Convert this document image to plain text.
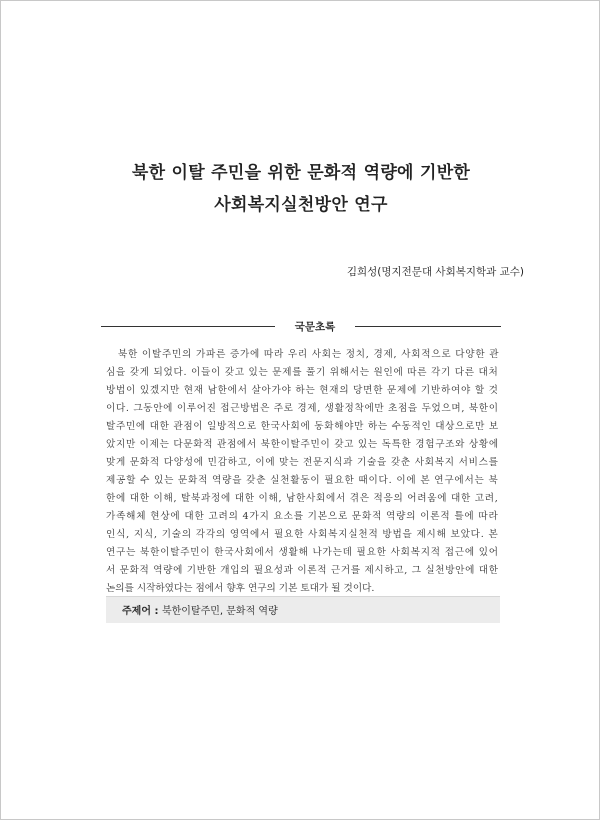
북한 이탈 주민을 위한 문화적 역량에 기반한
사회복지실천방안 연구
김희성(명지전문대 사회복지학과 교수)
국문초록
북한 이탈주민의 가파른 증가에 따라 우리 사회는 정치, 경제, 사회적으로 다양한 관
심을 갖게 되었다. 이들이 갖고 있는 문제를 풀기 위해서는 원인에 따른 각기 다른 대처
방법이 있겠지만 현재 남한에서 살아가야 하는 현재의 당면한 문제에 기반하여야 할 것
이다. 그동안에 이루어진 접근방법은 주로 경제, 생활정착에만 초점을 두었으며, 북한이
탈주민에 대한 관점이 일방적으로 한국사회에 동화해야만 하는 수동적인 대상으로만 보
았지만 이제는 다문화적 관점에서 북한이탈주민이 갖고 있는 독특한 경험구조와 상황에
맞게 문화적 다양성에 민감하고, 이에 맞는 전문지식과 기술을 갖춘 사회복지 서비스를
제공할 수 있는 문화적 역량을 갖춘 실천활동이 필요한 때이다. 이에 본 연구에서는 북
한에 대한 이해, 탈북과정에 대한 이해, 남한사회에서 겪은 적응의 어려움에 대한 고려,
가족해체 현상에 대한 고려의 4가지 요소를 기본으로 문화적 역량의 이론적 틀에 따라
인식, 지식, 기술의 각각의 영역에서 필요한 사회복지실천적 방법을 제시해 보았다. 본
연구는 북한이탈주민이 한국사회에서 생활해 나가는데 필요한 사회복지적 접근에 있어
서 문화적 역량에 기반한 개입의 필요성과 이론적 근거를 제시하고, 그 실천방안에 대한
논의를 시작하였다는 점에서 향후 연구의 기본 토대가 될 것이다.
주제어 : 북한이탈주민, 문화적 역량
